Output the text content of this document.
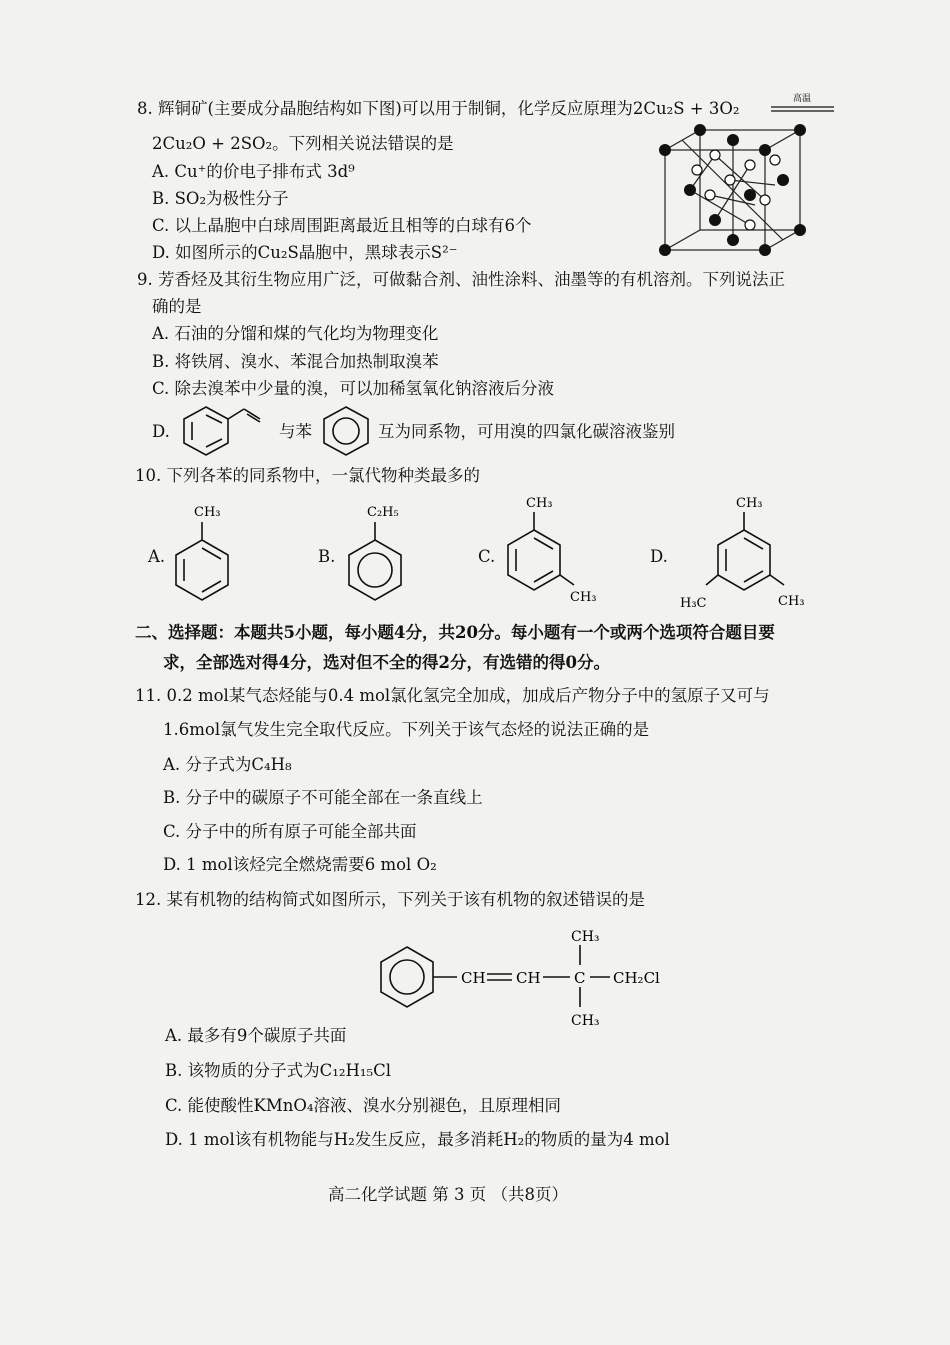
8. 辉铜矿(主要成分晶胞结构如下图)可以用于制铜，化学反应原理为2Cu₂S + 3O₂	高温
2Cu₂O + 2SO₂。下列相关说法错误的是
A. Cu⁺的价电子排布式 3d⁹
B. SO₂为极性分子
C. 以上晶胞中白球周围距离最近且相等的白球有6个
D. 如图所示的Cu₂S晶胞中，黑球表示S²⁻
9. 芳香烃及其衍生物应用广泛，可做黏合剂、油性涂料、油墨等的有机溶剂。下列说法正
确的是
A. 石油的分馏和煤的气化均为物理变化
B. 将铁屑、溴水、苯混合加热制取溴苯
C. 除去溴苯中少量的溴，可以加稀氢氧化钠溶液后分液
D.	与苯	互为同系物，可用溴的四氯化碳溶液鉴别
10. 下列各苯的同系物中，一氯代物种类最多的
A.
CH₃
B.
C₂H₅
C.
CH₃
CH₃
D.
CH₃
H₃C	CH₃
二、选择题：本题共5小题，每小题4分，共20分。每小题有一个或两个选项符合题目要
求，全部选对得4分，选对但不全的得2分，有选错的得0分。
11. 0.2 mol某气态烃能与0.4 mol氯化氢完全加成，加成后产物分子中的氢原子又可与
1.6mol氯气发生完全取代反应。下列关于该气态烃的说法正确的是
A. 分子式为C₄H₈
B. 分子中的碳原子不可能全部在一条直线上
C. 分子中的所有原子可能全部共面
D. 1 mol该烃完全燃烧需要6 mol O₂
12. 某有机物的结构简式如图所示，下列关于该有机物的叙述错误的是
CH CH C CH₂Cl
CH₃
CH₃
A. 最多有9个碳原子共面
B. 该物质的分子式为C₁₂H₁₅Cl
C. 能使酸性KMnO₄溶液、溴水分别褪色，且原理相同
D. 1 mol该有机物能与H₂发生反应，最多消耗H₂的物质的量为4 mol
高二化学试题 第 3 页 （共8页）
